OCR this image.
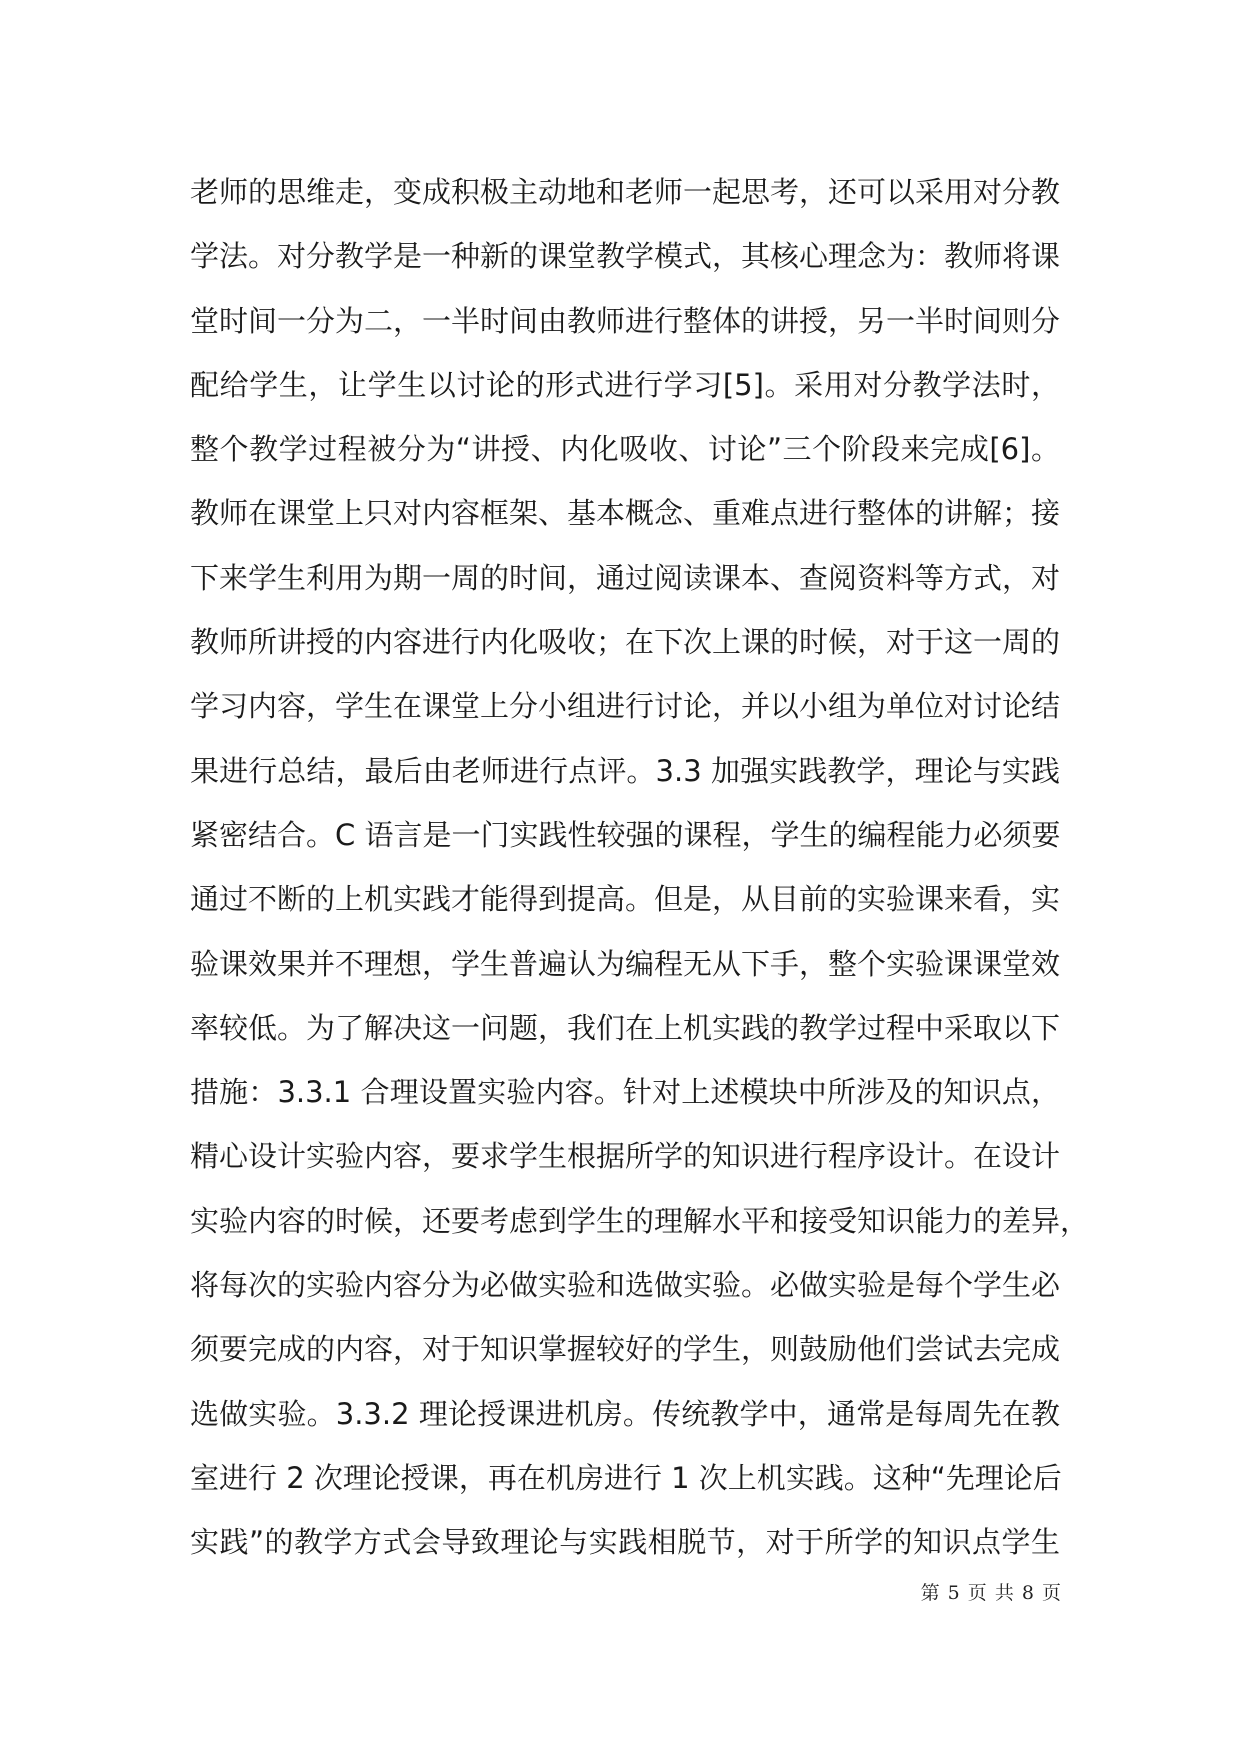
老师的思维走，变成积极主动地和老师一起思考，还可以采用对分教
学法。对分教学是一种新的课堂教学模式，其核心理念为：教师将课
堂时间一分为二，一半时间由教师进行整体的讲授，另一半时间则分
配给学生，让学生以讨论的形式进行学习[5]。采用对分教学法时，
整个教学过程被分为“讲授、内化吸收、讨论”三个阶段来完成[6]。
教师在课堂上只对内容框架、基本概念、重难点进行整体的讲解；接
下来学生利用为期一周的时间，通过阅读课本、查阅资料等方式，对
教师所讲授的内容进行内化吸收；在下次上课的时候，对于这一周的
学习内容，学生在课堂上分小组进行讨论，并以小组为单位对讨论结
果进行总结，最后由老师进行点评。3.3 加强实践教学，理论与实践
紧密结合。C 语言是一门实践性较强的课程，学生的编程能力必须要
通过不断的上机实践才能得到提高。但是，从目前的实验课来看，实
验课效果并不理想，学生普遍认为编程无从下手，整个实验课课堂效
率较低。为了解决这一问题，我们在上机实践的教学过程中采取以下
措施：3.3.1 合理设置实验内容。针对上述模块中所涉及的知识点，
精心设计实验内容，要求学生根据所学的知识进行程序设计。在设计
实验内容的时候，还要考虑到学生的理解水平和接受知识能力的差异，
将每次的实验内容分为必做实验和选做实验。必做实验是每个学生必
须要完成的内容，对于知识掌握较好的学生，则鼓励他们尝试去完成
选做实验。3.3.2 理论授课进机房。传统教学中，通常是每周先在教
室进行 2 次理论授课，再在机房进行 1 次上机实践。这种“先理论后
实践”的教学方式会导致理论与实践相脱节，对于所学的知识点学生
第 5 页 共 8 页
